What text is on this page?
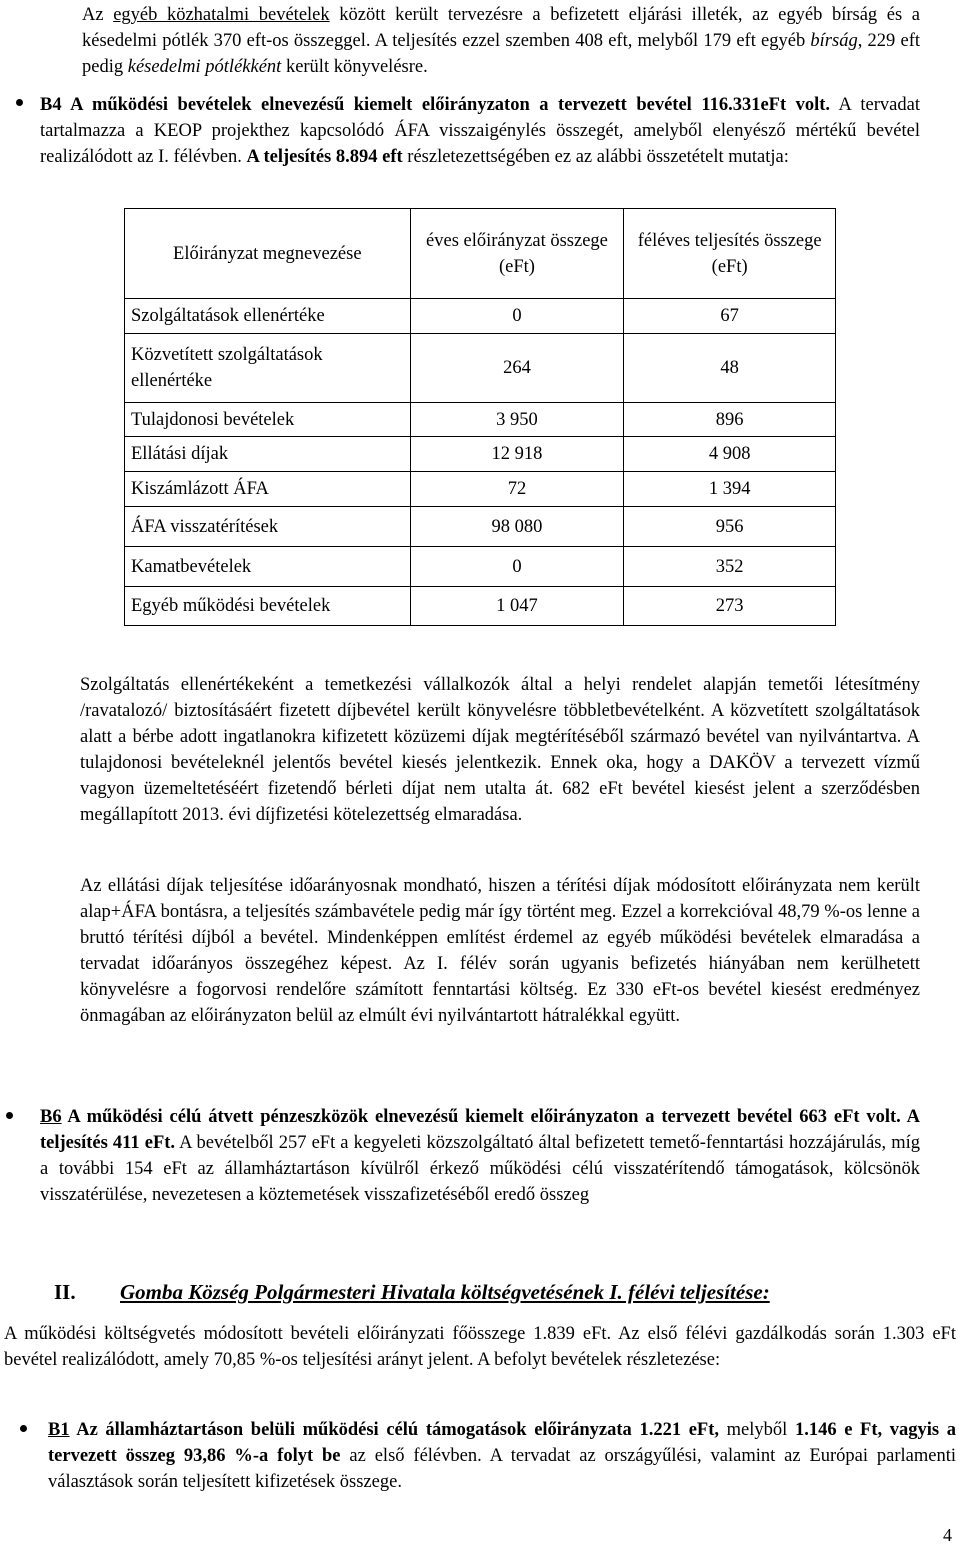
Az egyéb közhatalmi bevételek között került tervezésre a befizetett eljárási illeték, az egyéb bírság és a késedelmi pótlék 370 eft-os összeggel. A teljesítés ezzel szemben 408 eft, melyből 179 eft egyéb bírság, 229 eft pedig késedelmi pótlékként került könyvelésre.

B4 A működési bevételek elnevezésű kiemelt előirányzaton a tervezett bevétel 116.331eFt volt. A tervadat tartalmazza a KEOP projekthez kapcsolódó ÁFA visszaigénylés összegét, amelyből elenyésző mértékű bevétel realizálódott az I. félévben. A teljesítés 8.894 eft részletezettségében ez az alábbi összetételt mutatja:

Előirányzat megnevezése	éves előirányzat összege (eFt)	féléves teljesítés összege (eFt)
Szolgáltatások ellenértéke	0	67
Közvetített szolgáltatások ellenértéke	264	48
Tulajdonosi bevételek	3 950	896
Ellátási díjak	12 918	4 908
Kiszámlázott ÁFA	72	1 394
ÁFA visszatérítések	98 080	956
Kamatbevételek	0	352
Egyéb működési bevételek	1 047	273

Szolgáltatás ellenértékeként a temetkezési vállalkozók által a helyi rendelet alapján temetői létesítmény /ravatalozó/ biztosításáért fizetett díjbevétel került könyvelésre többletbevételként. A közvetített szolgáltatások alatt a bérbe adott ingatlanokra kifizetett közüzemi díjak megtérítéséből származó bevétel van nyilvántartva. A tulajdonosi bevételeknél jelentős bevétel kiesés jelentkezik. Ennek oka, hogy a DAKÖV a tervezett vízmű vagyon üzemeltetéséért fizetendő bérleti díjat nem utalta át. 682 eFt bevétel kiesést jelent a szerződésben megállapított 2013. évi díjfizetési kötelezettség elmaradása.

Az ellátási díjak teljesítése időarányosnak mondható, hiszen a térítési díjak módosított előirányzata nem került alap+ÁFA bontásra, a teljesítés számbavétele pedig már így történt meg. Ezzel a korrekcióval 48,79 %-os lenne a bruttó térítési díjból a bevétel. Mindenképpen említést érdemel az egyéb működési bevételek elmaradása a tervadat időarányos összegéhez képest. Az I. félév során ugyanis befizetés hiányában nem kerülhetett könyvelésre a fogorvosi rendelőre számított fenntartási költség. Ez 330 eFt-os bevétel kiesést eredményez önmagában az előirányzaton belül az elmúlt évi nyilvántartott hátralékkal együtt.

B6 A működési célú átvett pénzeszközök elnevezésű kiemelt előirányzaton a tervezett bevétel 663 eFt volt. A teljesítés 411 eFt. A bevételből 257 eFt a kegyeleti közszolgáltató által befizetett temető-fenntartási hozzájárulás, míg a további 154 eFt az államháztartáson kívülről érkező működési célú visszatérítendő támogatások, kölcsönök visszatérülése, nevezetesen a köztemetések visszafizetéséből eredő összeg

II. Gomba Község Polgármesteri Hivatala költségvetésének I. félévi teljesítése:

A működési költségvetés módosított bevételi előirányzati főösszege 1.839 eFt. Az első félévi gazdálkodás során 1.303 eFt bevétel realizálódott, amely 70,85 %-os teljesítési arányt jelent. A befolyt bevételek részletezése:

B1 Az államháztartáson belüli működési célú támogatások előirányzata 1.221 eFt, melyből 1.146 e Ft, vagyis a tervezett összeg 93,86 %-a folyt be az első félévben. A tervadat az országyűlési, valamint az Európai parlamenti választások során teljesített kifizetések összege.

4
